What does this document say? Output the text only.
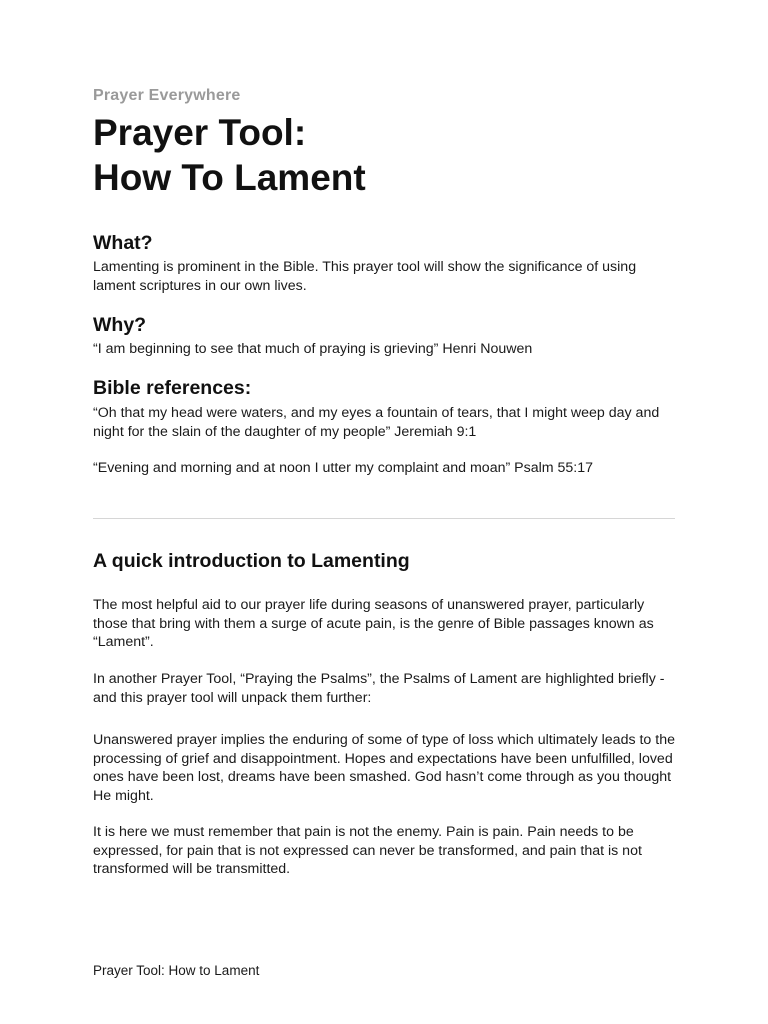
Prayer Everywhere
Prayer Tool:
How To Lament
What?

Lamenting is prominent in the Bible. This prayer tool will show the significance of using lament scriptures in our own lives.

Why?

“I am beginning to see that much of praying is grieving” Henri Nouwen

Bible references:

“Oh that my head were waters, and my eyes a fountain of tears, that I might weep day and night for the slain of the daughter of my people” Jeremiah 9:1

“Evening and morning and at noon I utter my complaint and moan” Psalm 55:17

A quick introduction to Lamenting

The most helpful aid to our prayer life during seasons of unanswered prayer, particularly those that bring with them a surge of acute pain, is the genre of Bible passages known as “Lament”.

In another Prayer Tool, “Praying the Psalms”, the Psalms of Lament are highlighted briefly -and this prayer tool will unpack them further:

Unanswered prayer implies the enduring of some of type of loss which ultimately leads to the processing of grief and disappointment. Hopes and expectations have been unfulfilled, loved ones have been lost, dreams have been smashed. God hasn’t come through as you thought He might.

It is here we must remember that pain is not the enemy. Pain is pain. Pain needs to be expressed, for pain that is not expressed can never be transformed, and pain that is not transformed will be transmitted.

Prayer Tool: How to Lament
